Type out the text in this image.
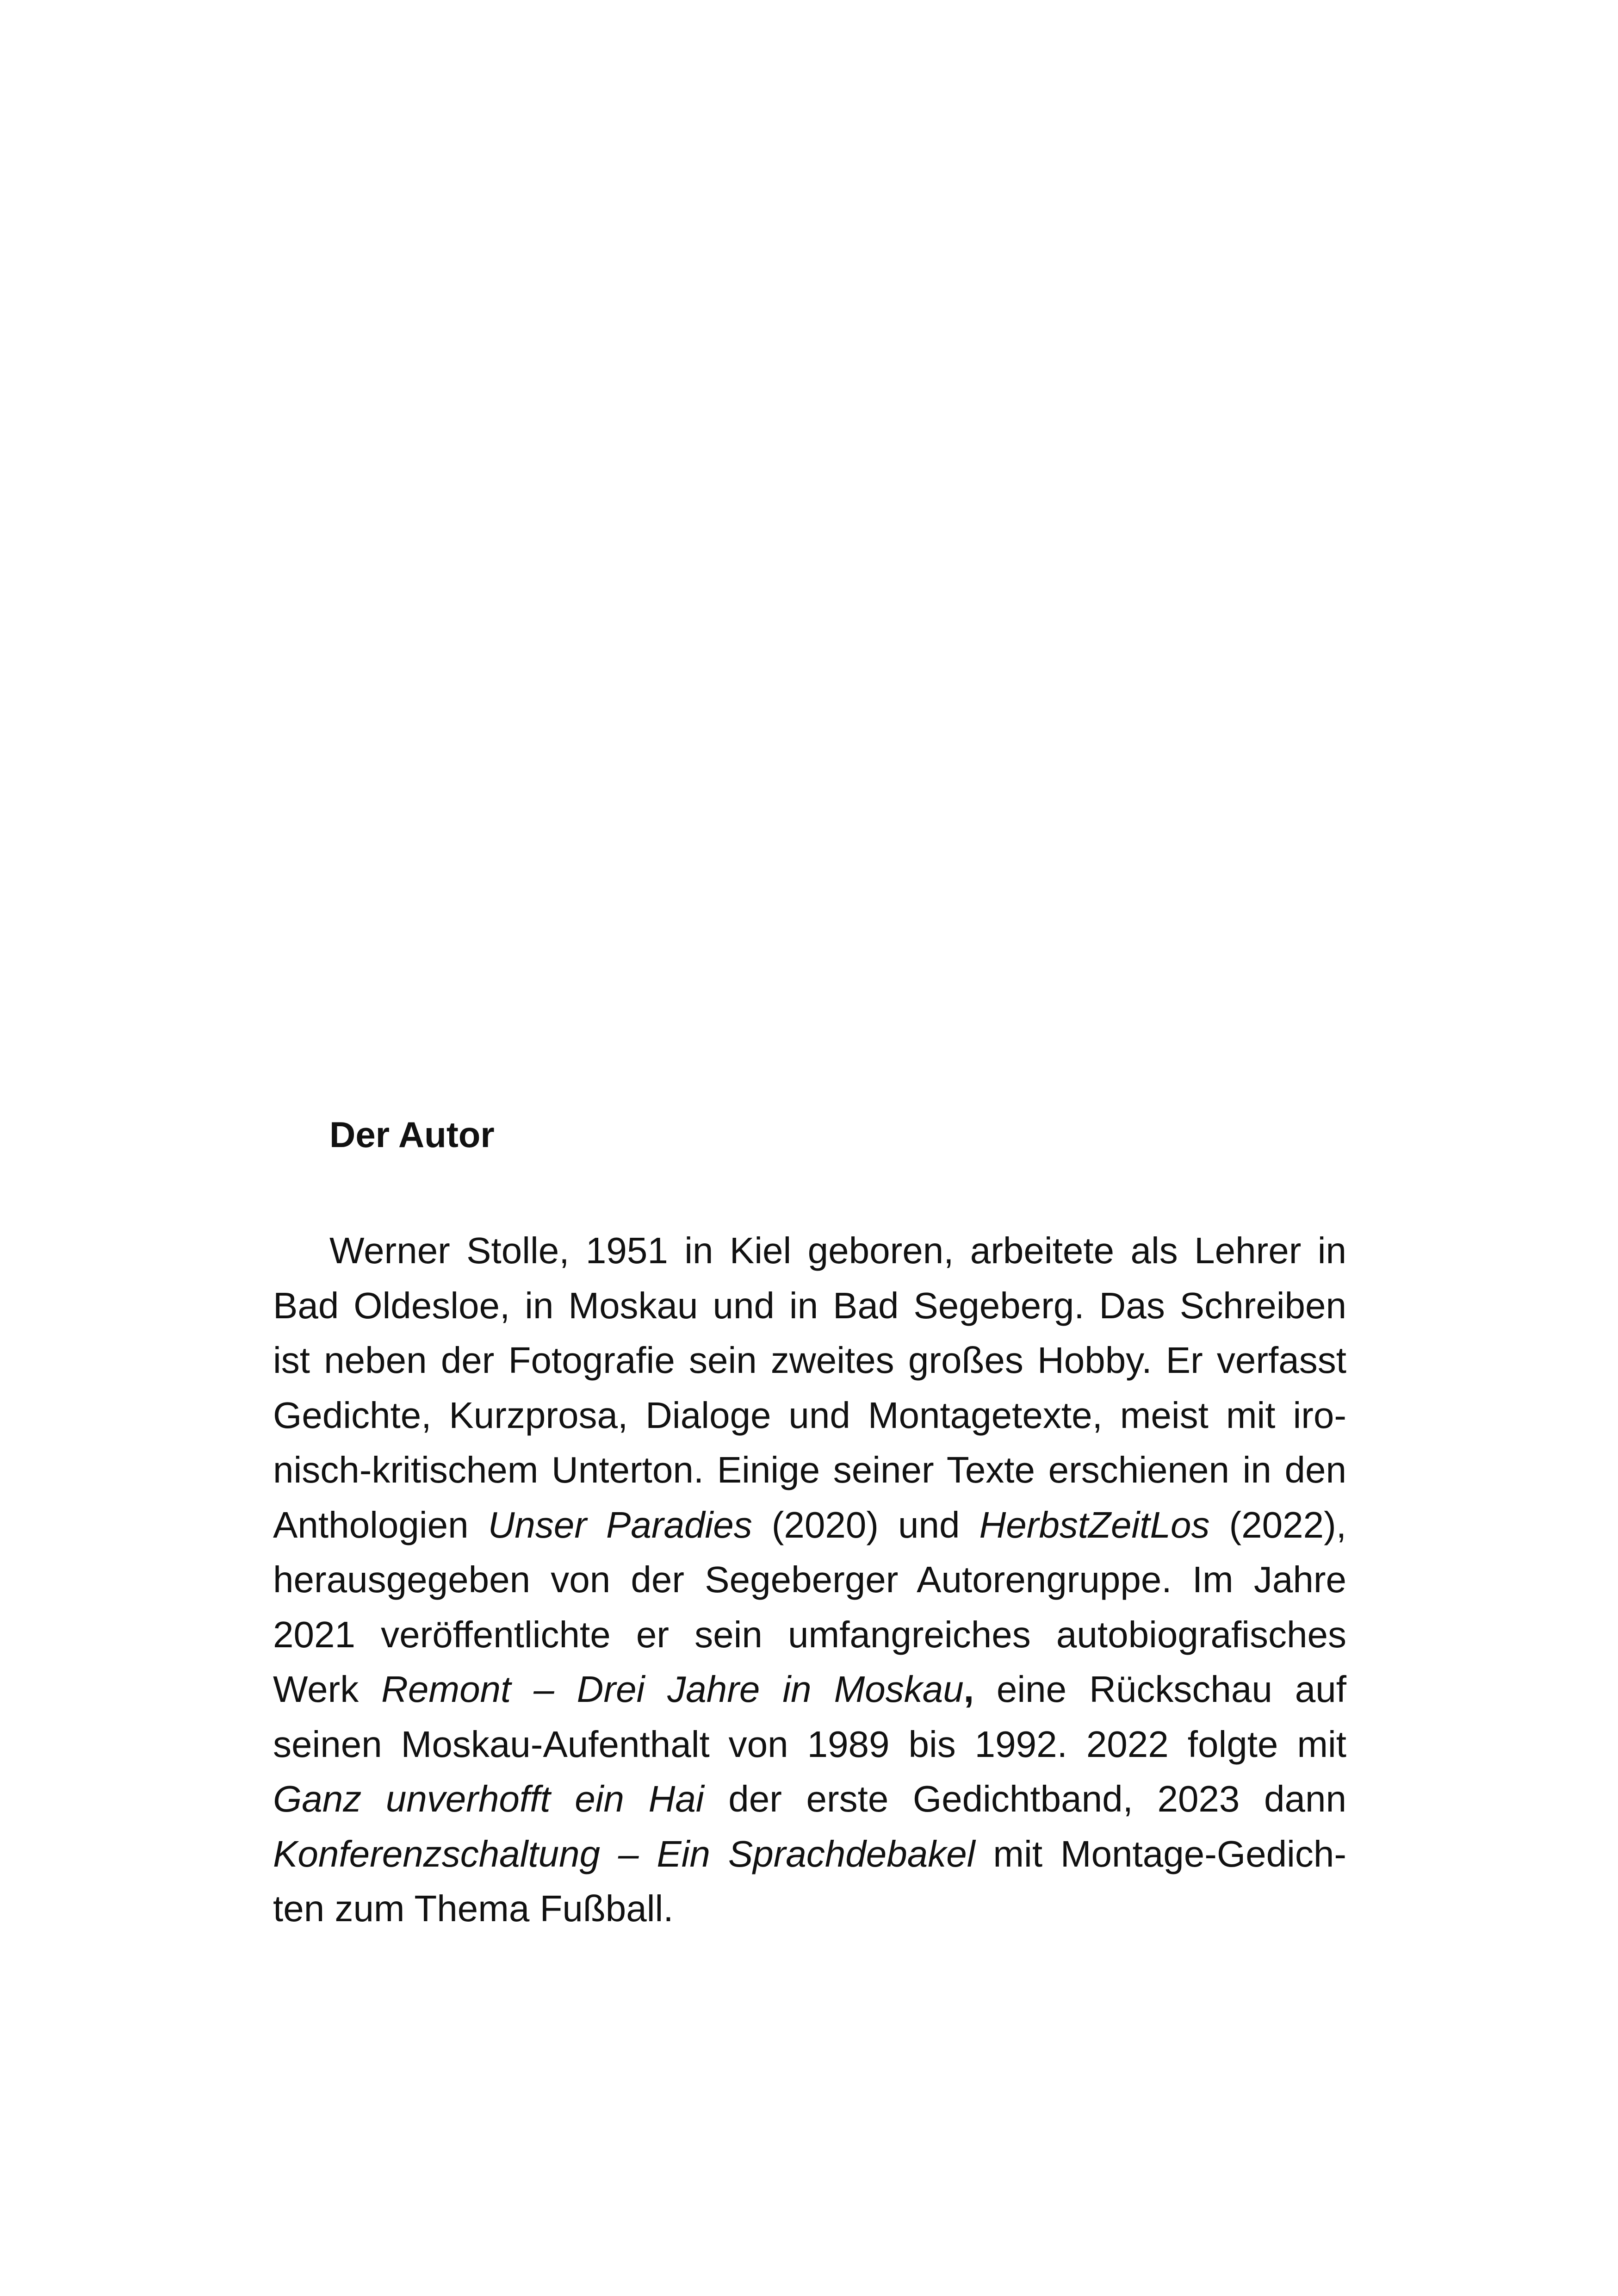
Der Autor

Werner Stolle, 1951 in Kiel geboren, arbeitete als Lehrer in Bad Oldesloe, in Moskau und in Bad Segeberg. Das Schreiben ist neben der Fotografie sein zweites großes Hobby. Er verfasst Gedichte, Kurzprosa, Dialoge und Montagetexte, meist mit ironisch-kritischem Unterton. Einige seiner Texte erschienen in den Anthologien Unser Paradies (2020) und HerbstZeitLos (2022), herausgegeben von der Segeberger Autorengruppe. Im Jahre 2021 veröffentlichte er sein umfangreiches autobiografisches Werk Remont – Drei Jahre in Moskau, eine Rückschau auf seinen Moskau-Aufenthalt von 1989 bis 1992. 2022 folgte mit Ganz unverhofft ein Hai der erste Gedichtband, 2023 dann Konferenzschaltung – Ein Sprachdebakel mit Montage-Gedichten zum Thema Fußball.
